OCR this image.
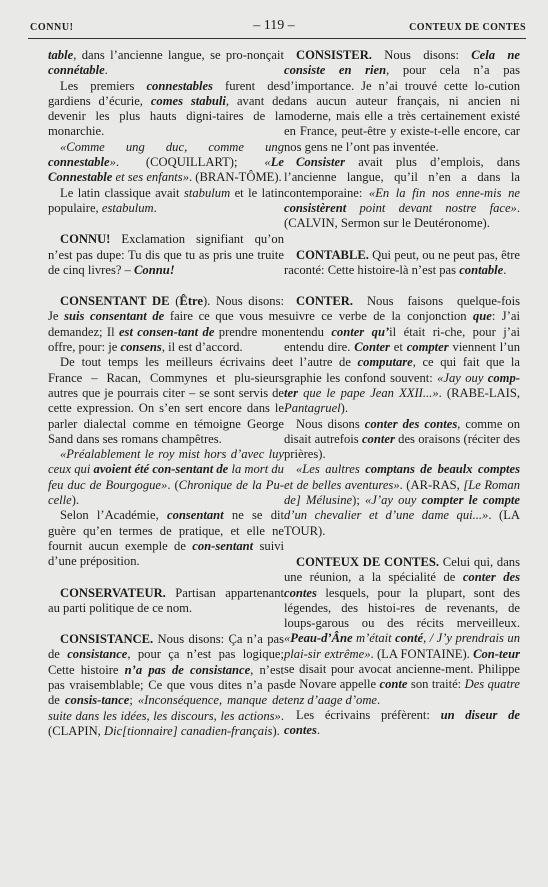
CONNU!	– 119 –	CONTEUX DE CONTES

table, dans l’ancienne langue, se pro-nonçait connétable.

Les premiers connestables furent des gardiens d’écurie, comes stabuli, avant de devenir les plus hauts digni-taires de la monarchie.

«Comme ung duc, comme ung connestable». (COQUILLART); «Le Connestable et ses enfants». (BRAN-TÔME).

Le latin classique avait stabulum et le latin populaire, estabulum.

CONNU! Exclamation signifiant qu’on n’est pas dupe: Tu dis que tu as pris une truite de cinq livres? – Connu!

CONSENTANT DE (Être). Nous disons: Je suis consentant de faire ce que vous me demandez; Il est consen-tant de prendre mon offre, pour: je consens, il est d’accord.

De tout temps les meilleurs écrivains de France – Racan, Commynes et plu-sieurs autres que je pourrais citer – se sont servis de cette expression. On s’en sert encore dans le parler dialectal comme en témoigne George Sand dans ses romans champêtres.

«Préalablement le roy mist hors d’avec luy ceux qui avoient été con-sentant de la mort du feu duc de Bourgogue». (Chronique de la Pu-celle).

Selon l’Académie, consentant ne se dit guère qu’en termes de pratique, et elle ne fournit aucun exemple de con-sentant suivi d’une préposition.

CONSERVATEUR. Partisan appartenant au parti politique de ce nom.

CONSISTANCE. Nous disons: Ça n’a pas de consistance, pour ça n’est pas logique; Cette histoire n’a pas de consistance, n’est pas vraisemblable; Ce que vous dites n’a pas de consis-tance; «Inconséquence, manque de suite dans les idées, les discours, les actions». (CLAPIN, Dic[tionnaire] canadien-français).

CONSISTER. Nous disons: Cela ne consiste en rien, pour cela n’a pas d’importance. Je n’ai trouvé cette lo-cution dans aucun auteur français, ni ancien ni moderne, mais elle a très certainement existé en France, peut-être y existe-t-elle encore, car nos gens ne l’ont pas inventée.

Consister avait plus d’emplois, dans l’ancienne langue, qu’il n’en a dans la contemporaine: «En la fin nos enne-mis ne consistèrent point devant nostre face». (CALVIN, Sermon sur le Deutéronome).

CONTABLE. Qui peut, ou ne peut pas, être raconté: Cette histoire-là n’est pas contable.

CONTER. Nous faisons quelque-fois suivre ce verbe de la conjonction que: J’ai entendu conter qu’il était ri-che, pour j’ai entendu dire. Conter et compter viennent l’un et l’autre de computare, ce qui fait que la graphie les confond souvent: «Jay ouy comp-ter que le pape Jean XXII...». (RABE-LAIS, Pantagruel).

Nous disons conter des contes, comme on disait autrefois conter des oraisons (réciter des prières).

«Les aultres comptans de beaulx comptes et de belles aventures». (AR-RAS, [Le Roman de] Mélusine); «J’ay ouy compter le compte d’un chevalier et d’une dame qui...». (LA TOUR).

CONTEUX DE CONTES. Celui qui, dans une réunion, a la spécialité de conter des contes lesquels, pour la plupart, sont des légendes, des histoi-res de revenants, de loups-garous ou des récits merveilleux. «Peau-d’Âne m’était conté, / J’y prendrais un plai-sir extrême». (LA FONTAINE). Con-teur se disait pour avocat ancienne-ment. Philippe de Novare appelle conte son traité: Des quatre tenz d’aage d’ome.

Les écrivains préfèrent: un diseur de contes.
